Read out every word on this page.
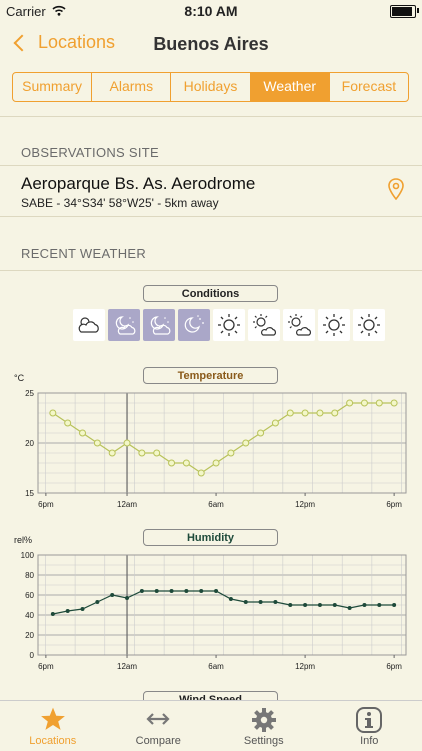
Carrier	8:10 AM
Locations	Buenos Aires
Summary	Alarms	Holidays	Weather	Forecast
OBSERVATIONS SITE
Aeroparque Bs. As. Aerodrome
SABE - 34°S34' 58°W25' - 5km away
RECENT WEATHER
Conditions
Temperature
°C
15
20
25
6pm	12am	6am	12pm	6pm
Humidity
rel%
0
20
40
60
80
100
6pm	12am	6am	12pm	6pm
Locations	Compare	Settings	Info
